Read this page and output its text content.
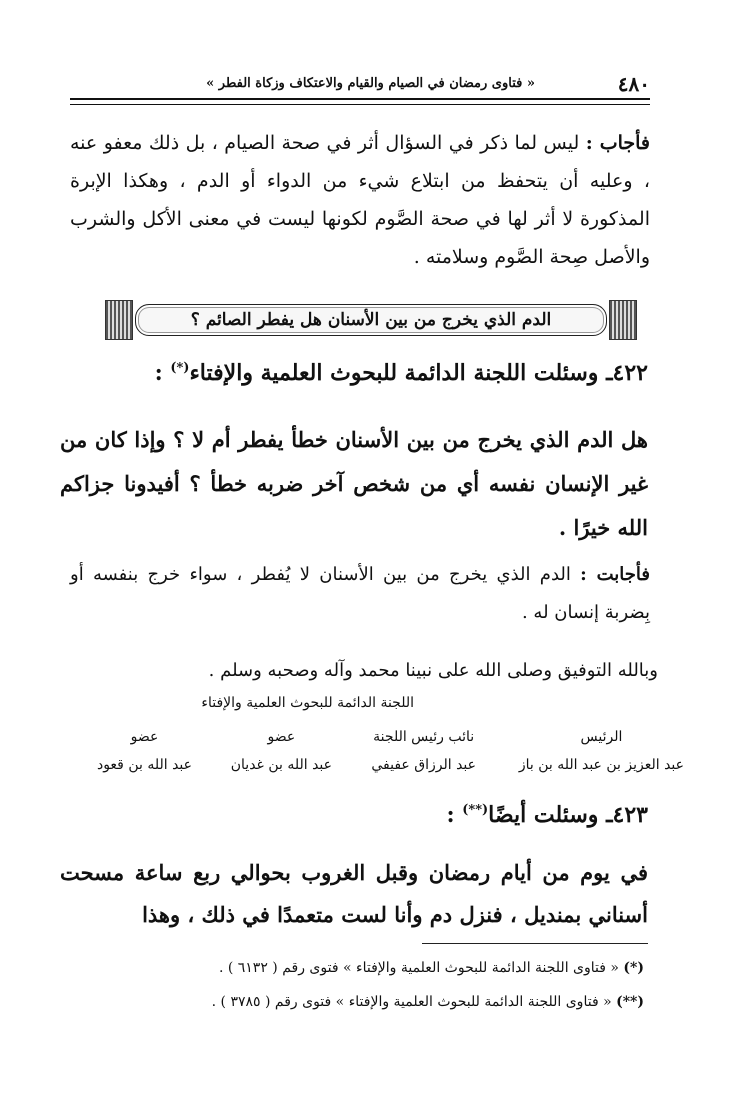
٤٨٠
« فتاوى رمضان في الصيام والقيام والاعتكاف وزكاة الفطر »

فأجاب : ليس لما ذكر في السؤال أثر في صحة الصيام ، بل ذلك معفو عنه ، وعليه أن يتحفظ من ابتلاع شيء من الدواء أو الدم ، وهكذا الإبرة المذكورة لا أثر لها في صحة الصَّوم لكونها ليست في معنى الأكل والشرب والأصل صِحة الصَّوم وسلامته .

الدم الذي يخرج من بين الأسنان هل يفطر الصائم ؟
٤٢٢ـ وسئلت اللجنة الدائمة للبحوث العلمية والإفتاء(*) :

هل الدم الذي يخرج من بين الأسنان خطأ يفطر أم لا ؟ وإذا كان من غير الإنسان نفسه أي من شخص آخر ضربه خطأ ؟ أفيدونا جزاكم الله خيرًا .

فأجابت : الدم الذي يخرج من بين الأسنان لا يُفطر ، سواء خرج بنفسه أو بِضربة إنسان له .

وبالله التوفيق وصلى الله على نبينا محمد وآله وصحبه وسلم .

اللجنة الدائمة للبحوث العلمية والإفتاء
الرئيس
عبد العزيز بن عبد الله بن باز
نائب رئيس اللجنة
عبد الرزاق عفيفي
عضو
عبد الله بن غديان
عضو
عبد الله بن قعود
٤٢٣ـ وسئلت أيضًا(**) :

في يوم من أيام رمضان وقبل الغروب بحوالي ربع ساعة مسحت أسناني بمنديل ، فنزل دم وأنا لست متعمدًا في ذلك ، وهذا

(*) « فتاوى اللجنة الدائمة للبحوث العلمية والإفتاء » فتوى رقم ( ٦١٣٢ ) .
(**) « فتاوى اللجنة الدائمة للبحوث العلمية والإفتاء » فتوى رقم ( ٣٧٨٥ ) .
